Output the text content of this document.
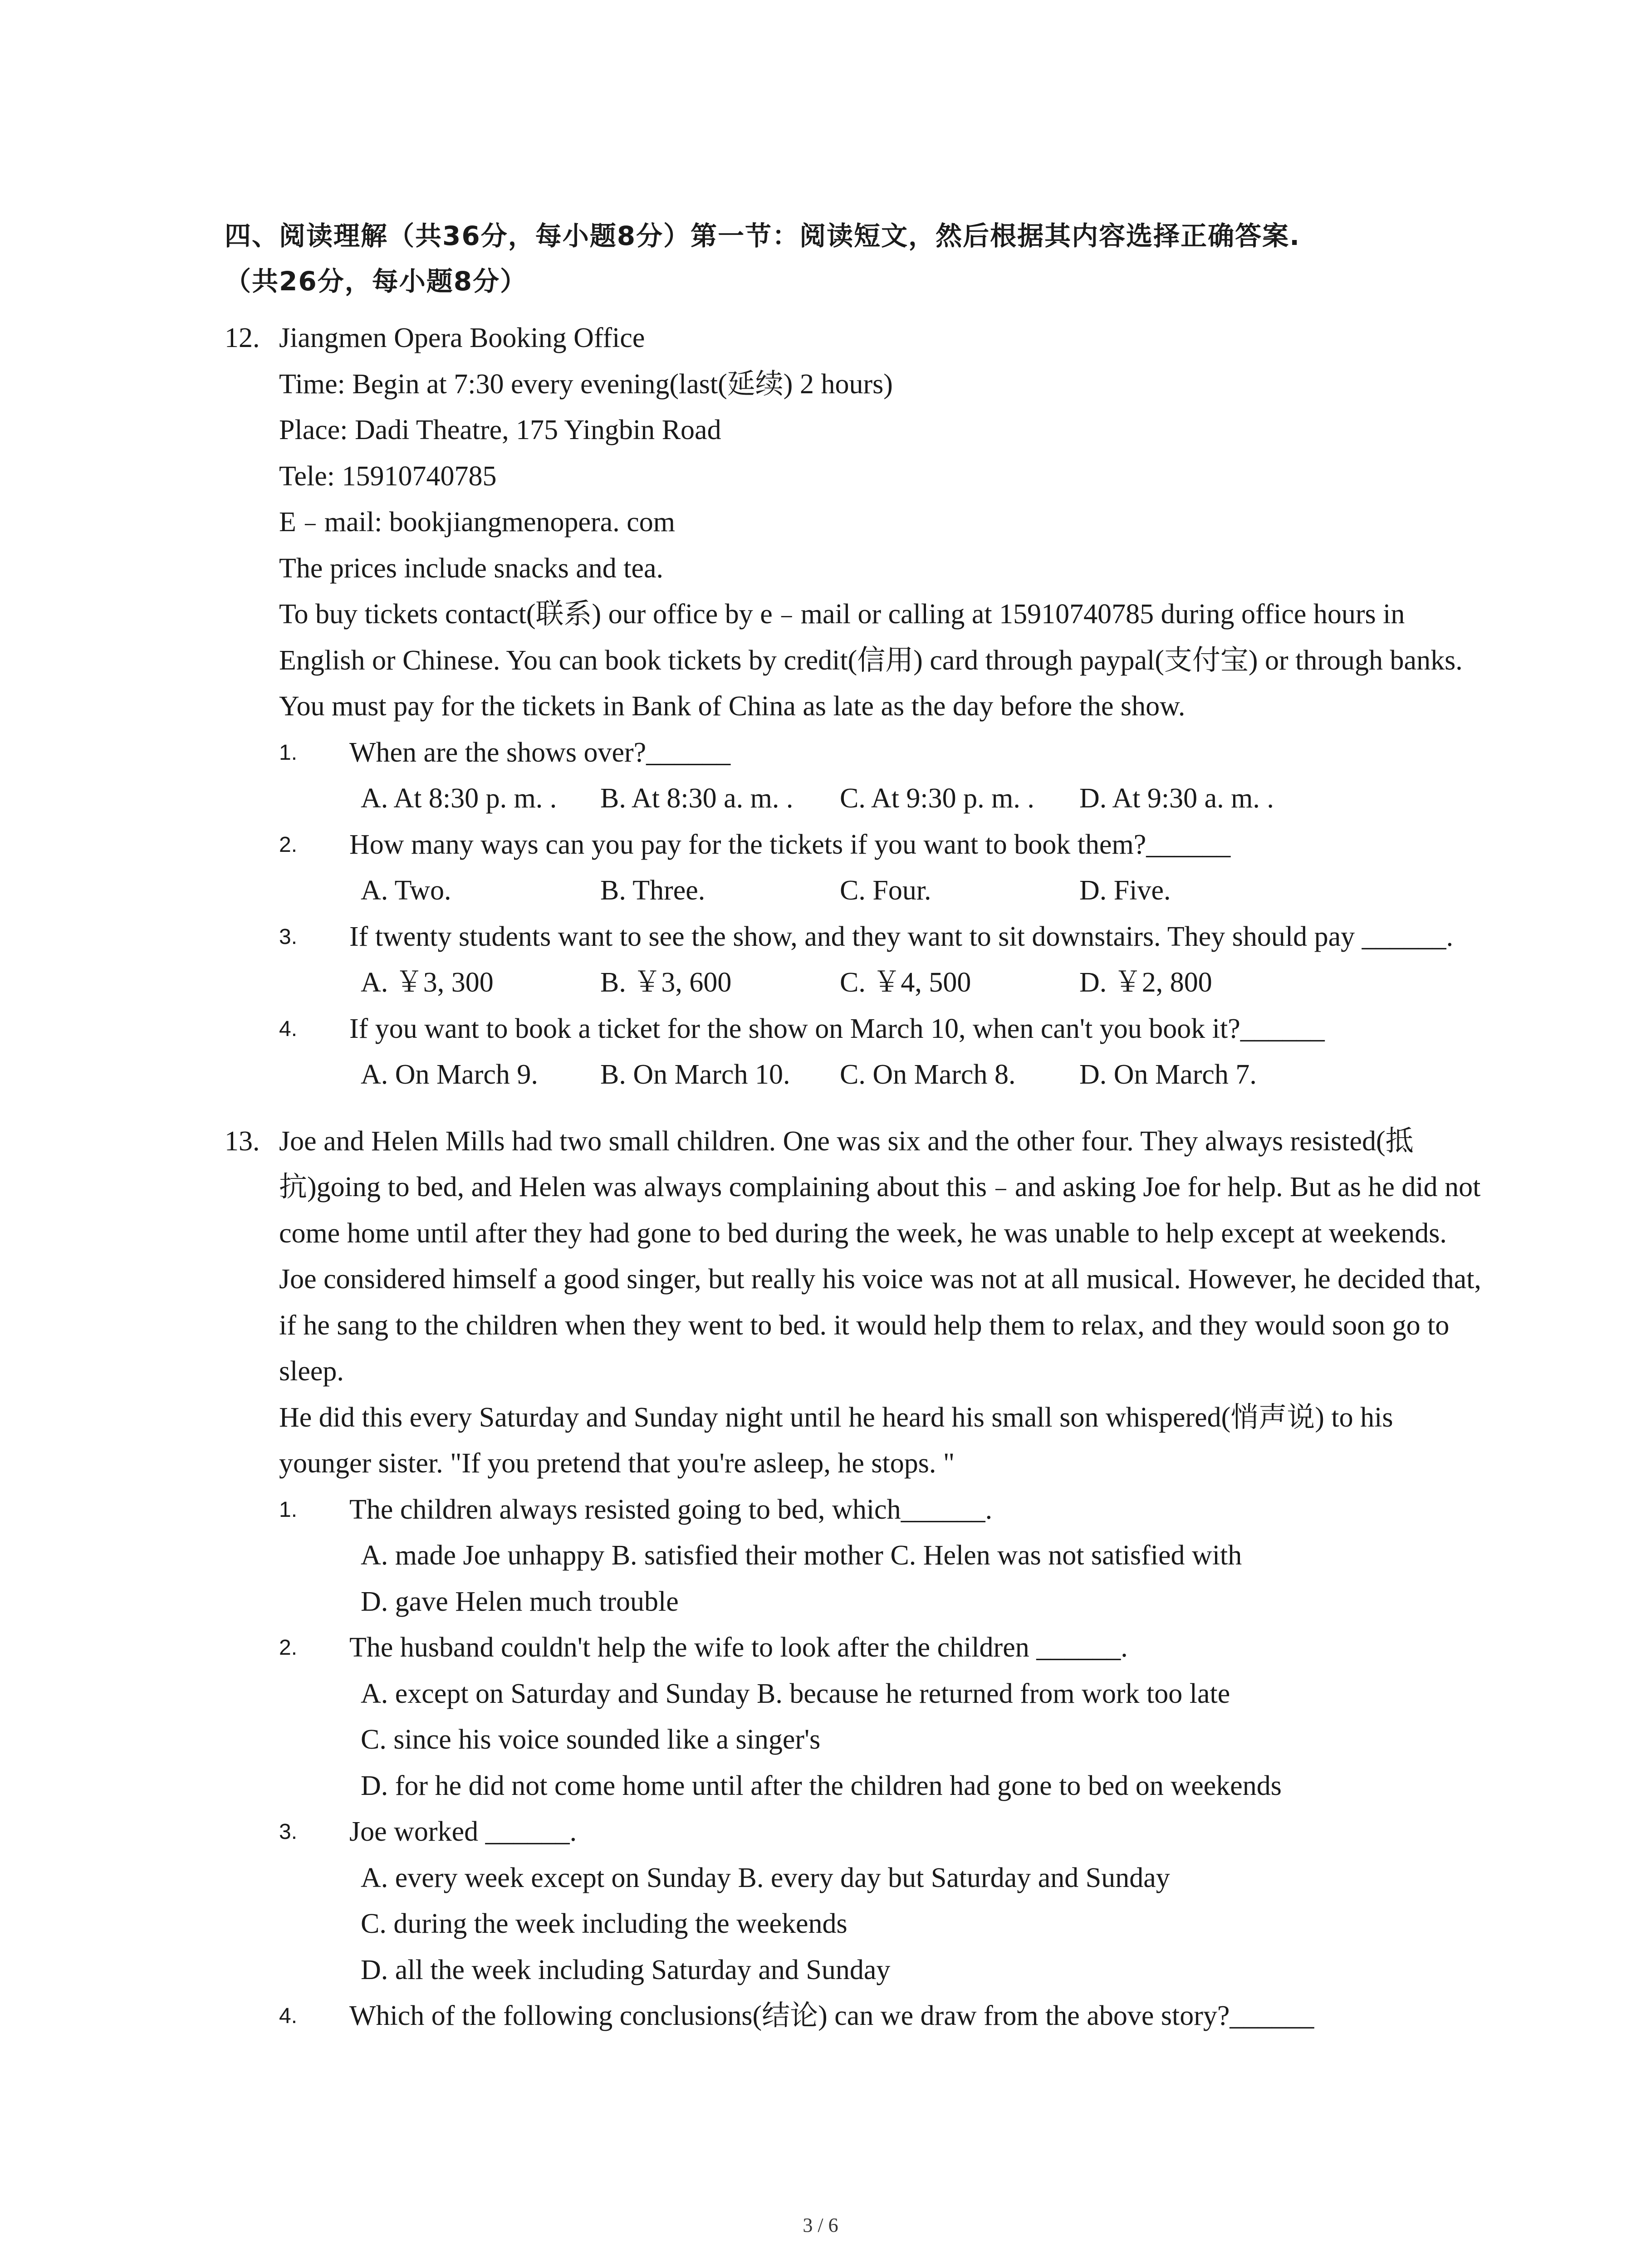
四、阅读理解（共36分，每小题8分）第一节：阅读短文，然后根据其内容选择正确答案.
（共26分，每小题8分）
12. Jiangmen Opera Booking Office
Time: Begin at 7:30 every evening(last(延续) 2 hours)
Place: Dadi Theatre, 175 Yingbin Road
Tele: 15910740785
E﹣mail: bookjiangmenopera. com
The prices include snacks and tea.
To buy tickets contact(联系) our office by e﹣mail or calling at 15910740785 during office hours in English or Chinese. You can book tickets by credit(信用) card through paypal(支付宝) or through banks. You must pay for the tickets in Bank of China as late as the day before the show.
1. When are the shows over?______
A. At 8:30 p. m. .	B. At 8:30 a. m. .	C. At 9:30 p. m. .	D. At 9:30 a. m. .
2. How many ways can you pay for the tickets if you want to book them?______
A. Two.	B. Three.	C. Four.	D. Five.
3. If twenty students want to see the show, and they want to sit downstairs. They should pay ______.
A. ￥3, 300	B. ￥3, 600	C. ￥4, 500	D. ￥2, 800
4. If you want to book a ticket for the show on March 10, when can't you book it?______
A. On March 9.	B. On March 10.	C. On March 8.	D. On March 7.
13. Joe and Helen Mills had two small children. One was six and the other four. They always resisted(抵抗)going to bed, and Helen was always complaining about this﹣and asking Joe for help. But as he did not come home until after they had gone to bed during the week, he was unable to help except at weekends.
Joe considered himself a good singer, but really his voice was not at all musical. However, he decided that, if he sang to the children when they went to bed. it would help them to relax, and they would soon go to sleep.
He did this every Saturday and Sunday night until he heard his small son whispered(悄声说) to his younger sister. "If you pretend that you're asleep, he stops. "
1. The children always resisted going to bed, which______.
A. made Joe unhappy B. satisfied their mother C. Helen was not satisfied with
D. gave Helen much trouble
2. The husband couldn't help the wife to look after the children ______.
A. except on Saturday and Sunday B. because he returned from work too late
C. since his voice sounded like a singer's
D. for he did not come home until after the children had gone to bed on weekends
3. Joe worked ______.
A. every week except on Sunday B. every day but Saturday and Sunday
C. during the week including the weekends
D. all the week including Saturday and Sunday
4. Which of the following conclusions(结论) can we draw from the above story?______
3 / 6
